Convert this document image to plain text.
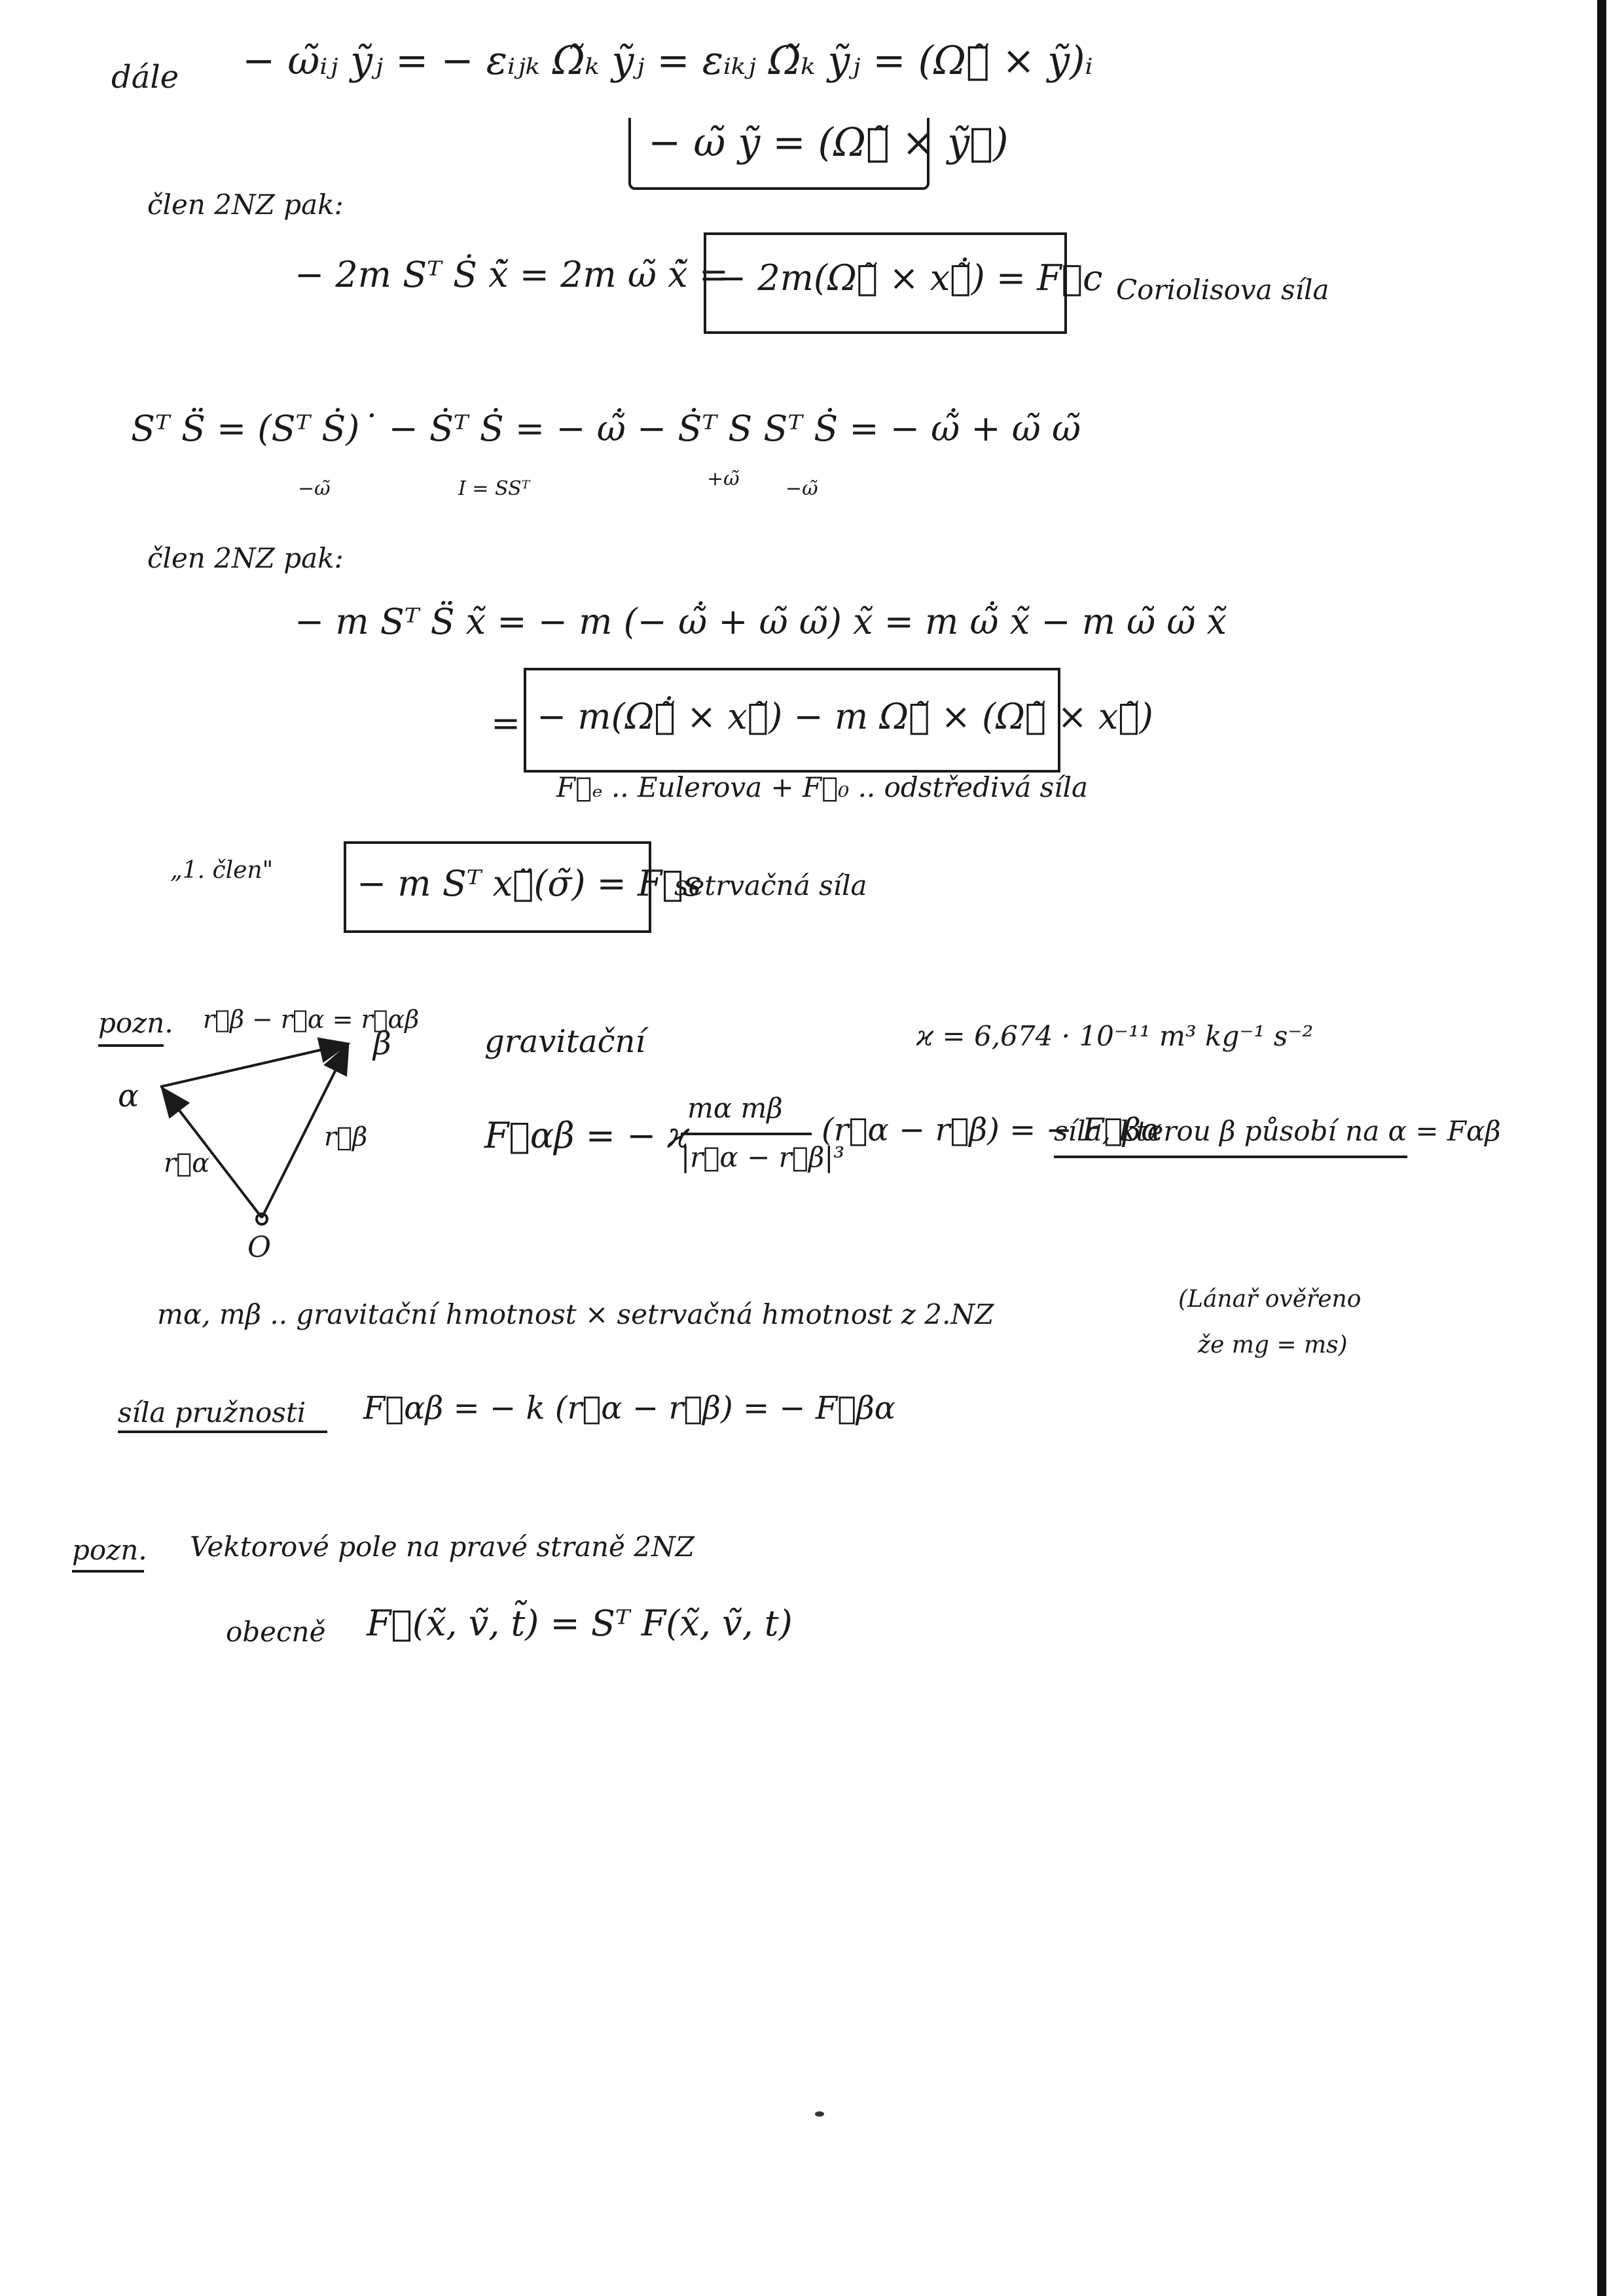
dále − ω̃ᵢⱼ ỹⱼ = − εᵢⱼₖ Ω̃ₖ ỹⱼ = εᵢₖⱼ Ω̃ₖ ỹⱼ = (Ω⃗̃ × ỹ)ᵢ
− ω̃ ỹ = (Ω⃗̃ × ỹ⃗)
člen 2NZ pak:
− 2m Sᵀ Ṡ x̃̇ = 2m ω̃ x̃̇ =
− 2m(Ω⃗̃ × x⃗̃̇) = F⃗c Coriolisova síla
Sᵀ S̈ = (Sᵀ Ṡ)˙ − Ṡᵀ Ṡ = − ω̃̇ − Ṡᵀ S Sᵀ Ṡ = − ω̃̇ + ω̃ ω̃
−ω̃	I = SSᵀ	+ω̃ −ω̃
člen 2NZ pak:
− m Sᵀ S̈ x̃ = − m (− ω̃̇ + ω̃ ω̃) x̃ = m ω̃̇ x̃ − m ω̃ ω̃ x̃
= − m(Ω⃗̃̇ × x⃗̃) − m Ω⃗̃ × (Ω⃗̃ × x⃗̃)
F⃗ₑ .. Eulerova + F⃗₀ .. odstředivá síla
„1. člen" − m Sᵀ x⃗̈(σ̃) = F⃗s
setrvačná síla
pozn.
α
β
O
r⃗α
r⃗β
r⃗β − r⃗α = r⃗αβ
gravitační	ϰ = 6,674 · 10⁻¹¹ m³ kg⁻¹ s⁻²
F⃗αβ = − ϰ
mα mβ
|r⃗α − r⃗β|³
(r⃗α − r⃗β) = − F⃗βα
síla, kterou β působí na α = Fαβ
mα, mβ .. gravitační hmotnost × setrvačná hmotnost z 2.NZ	(Lánař ověřeno
že mg = ms)
síla pružnosti F⃗αβ = − k (r⃗α − r⃗β) = − F⃗βα
pozn. Vektorové pole na pravé straně 2NZ
obecně F⃗(x̃, ṽ, t̃) = Sᵀ F(x̃, ṽ, t)
